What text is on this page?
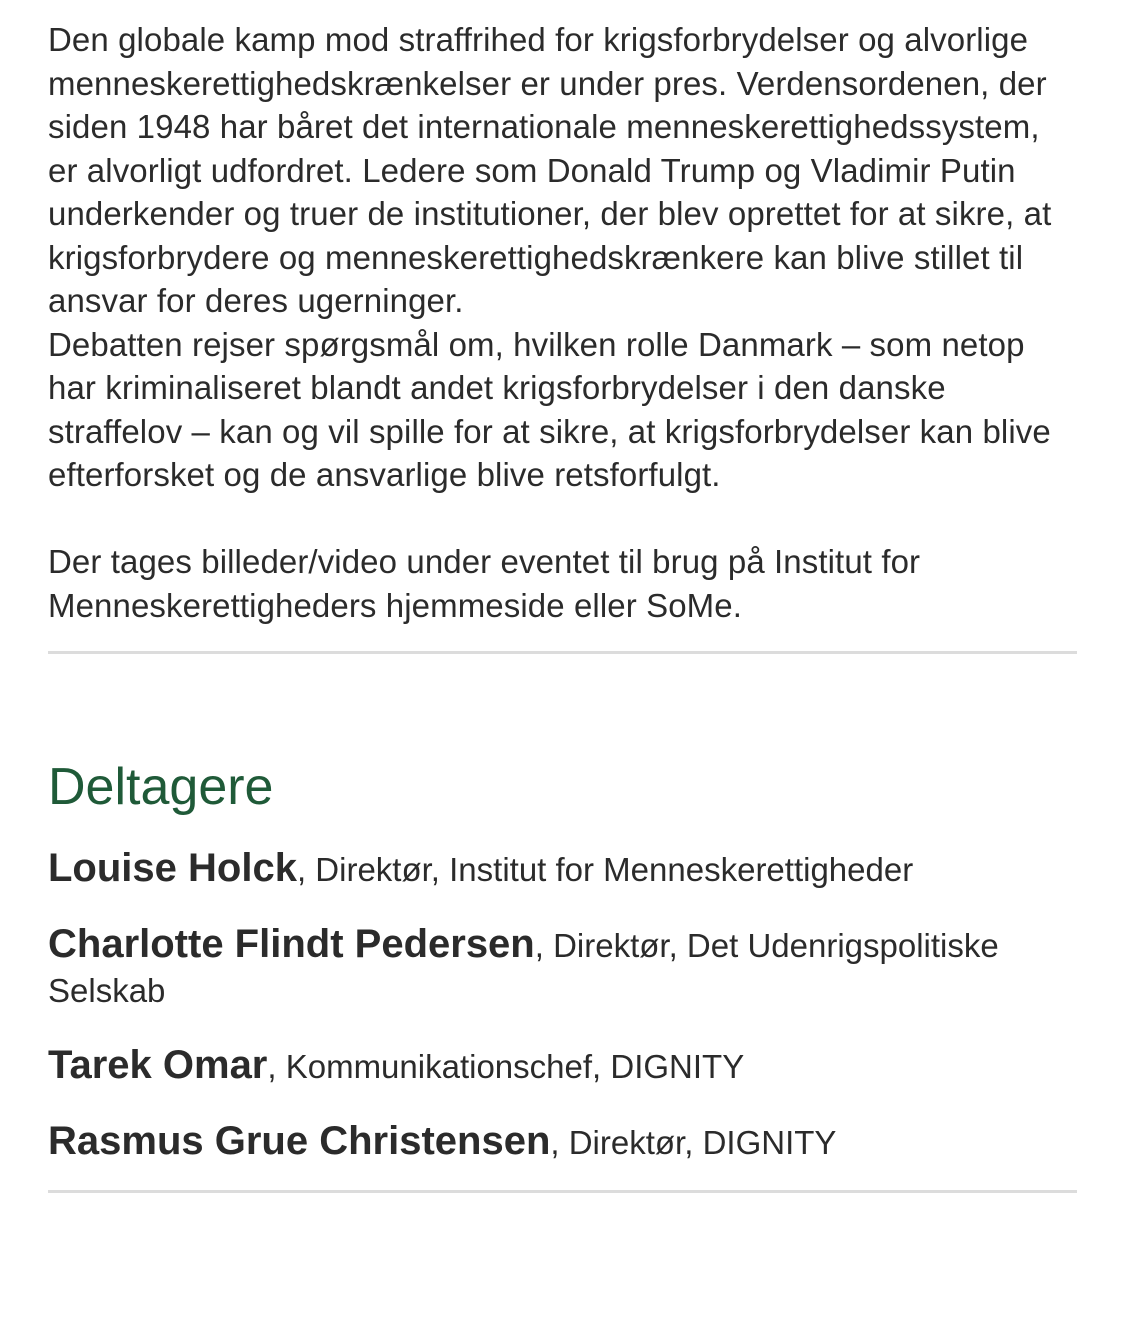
Den globale kamp mod straffrihed for krigsforbrydelser og alvorlige menneskerettighedskrænkelser er under pres. Verdensordenen, der siden 1948 har båret det internationale menneskerettighedssystem, er alvorligt udfordret. Ledere som Donald Trump og Vladimir Putin underkender og truer de institutioner, der blev oprettet for at sikre, at krigsforbrydere og menneskerettighedskrænkere kan blive stillet til ansvar for deres ugerninger.

Debatten rejser spørgsmål om, hvilken rolle Danmark – som netop har kriminaliseret blandt andet krigsforbrydelser i den danske straffelov – kan og vil spille for at sikre, at krigsforbrydelser kan blive efterforsket og de ansvarlige blive retsforfulgt.

Der tages billeder/video under eventet til brug på Institut for Menneskerettigheders hjemmeside eller SoMe.

Deltagere
Louise Holck, Direktør, Institut for Menneskerettigheder
Charlotte Flindt Pedersen, Direktør, Det Udenrigspolitiske Selskab
Tarek Omar, Kommunikationschef, DIGNITY
Rasmus Grue Christensen, Direktør, DIGNITY
